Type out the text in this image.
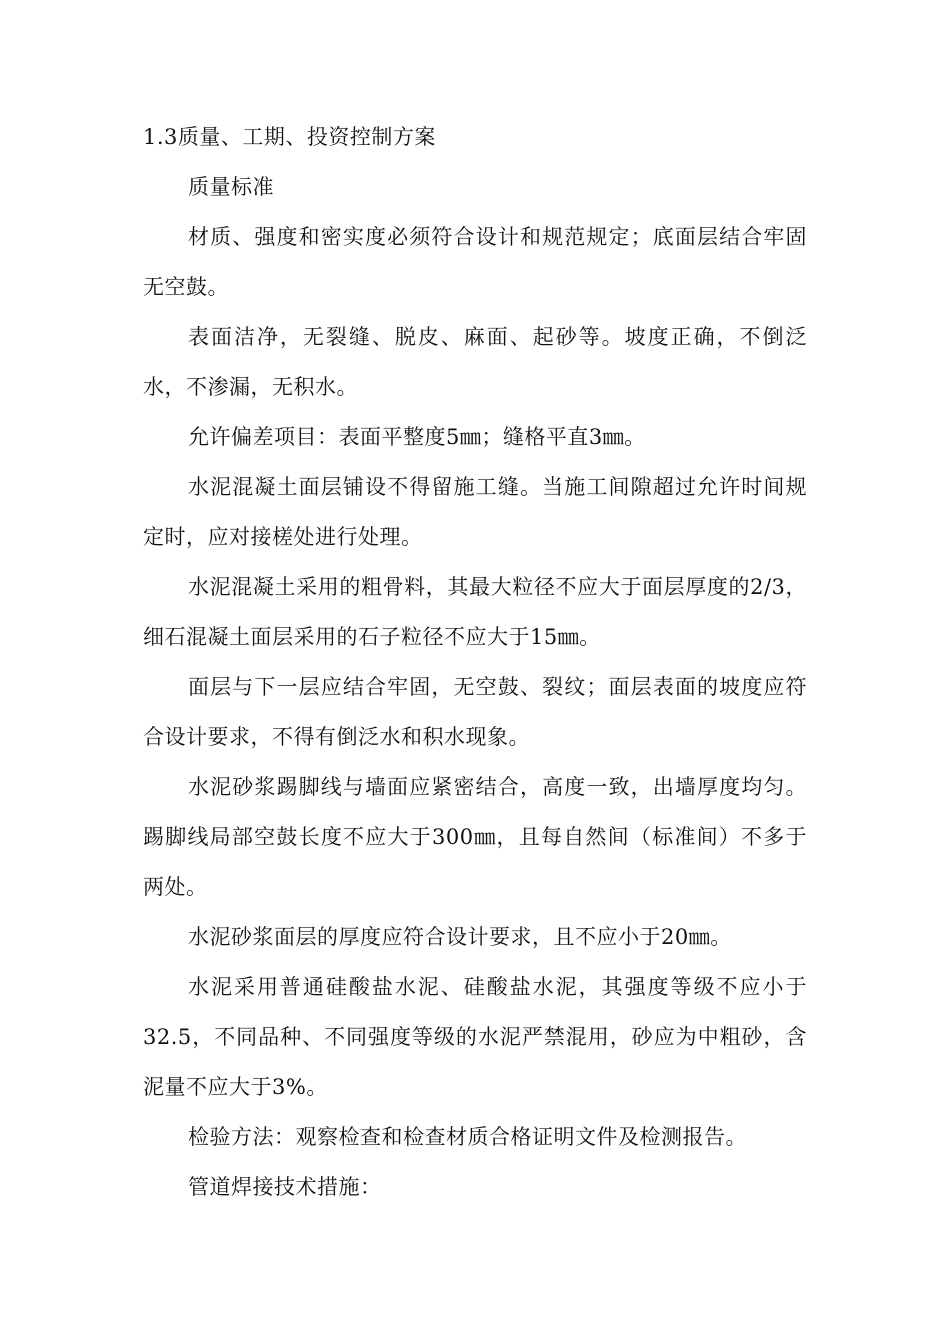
1.3质量、工期、投资控制方案

质量标准

材质、强度和密实度必须符合设计和规范规定；底面层结合牢固无空鼓。

表面洁净，无裂缝、脱皮、麻面、起砂等。坡度正确，不倒泛水，不渗漏，无积水。

允许偏差项目：表面平整度5㎜；缝格平直3㎜。

水泥混凝土面层铺设不得留施工缝。当施工间隙超过允许时间规定时，应对接槎处进行处理。

水泥混凝土采用的粗骨料，其最大粒径不应大于面层厚度的2/3，细石混凝土面层采用的石子粒径不应大于15㎜。

面层与下一层应结合牢固，无空鼓、裂纹；面层表面的坡度应符合设计要求，不得有倒泛水和积水现象。

水泥砂浆踢脚线与墙面应紧密结合，高度一致，出墙厚度均匀。踢脚线局部空鼓长度不应大于300㎜，且每自然间（标准间）不多于两处。

水泥砂浆面层的厚度应符合设计要求，且不应小于20㎜。

水泥采用普通硅酸盐水泥、硅酸盐水泥，其强度等级不应小于32.5，不同品种、不同强度等级的水泥严禁混用，砂应为中粗砂，含泥量不应大于3%。

检验方法：观察检查和检查材质合格证明文件及检测报告。

管道焊接技术措施：
